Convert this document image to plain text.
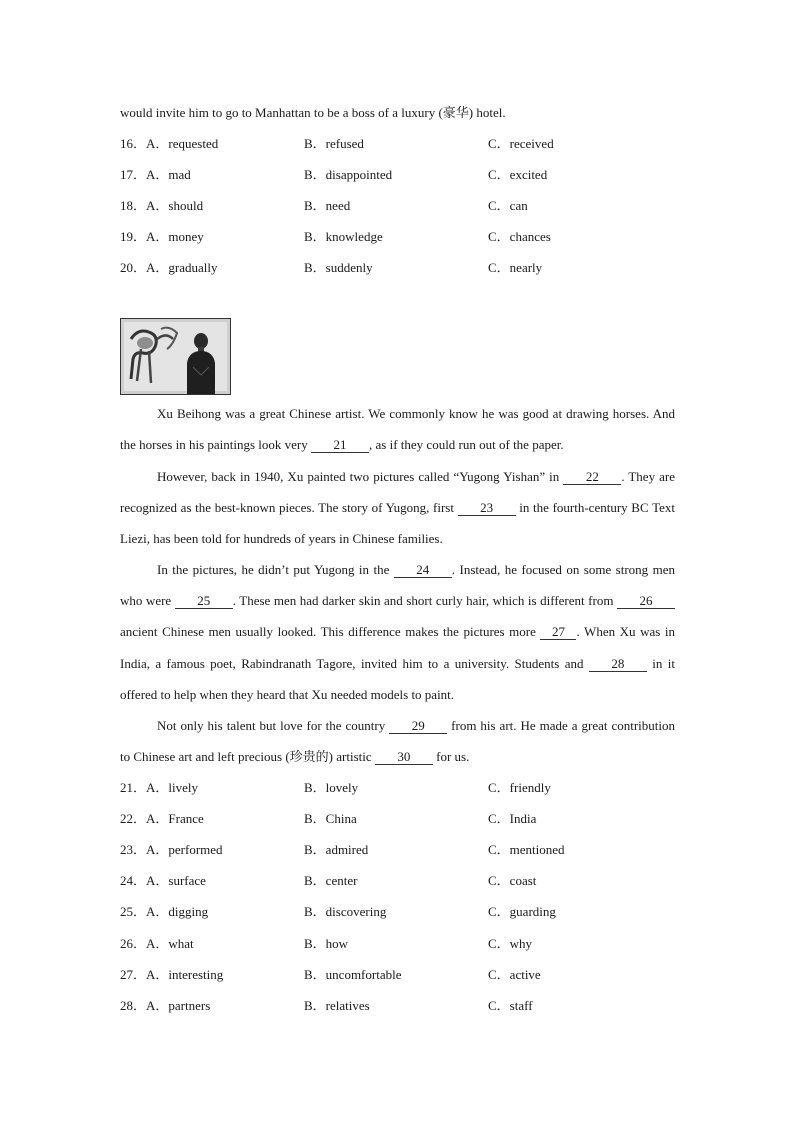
would invite him to go to Manhattan to be a boss of a luxury (豪华) hotel.
16．A．requested	B．refused	C．received
17．A．mad	B．disappointed	C．excited
18．A．should	B．need	C．can
19．A．money	B．knowledge	C．chances
20．A．gradually	B．suddenly	C．nearly
Xu Beihong was a great Chinese artist. We commonly know he was good at drawing horses. And the horses in his paintings look very 21 , as if they could run out of the paper.
However, back in 1940, Xu painted two pictures called “Yugong Yishan” in 22 . They are recognized as the best-known pieces. The story of Yugong, first 23 in the fourth-century BC Text Liezi, has been told for hundreds of years in Chinese families.
In the pictures, he didn’t put Yugong in the 24 . Instead, he focused on some strong men who were 25 . These men had darker skin and short curly hair, which is different from 26 ancient Chinese men usually looked. This difference makes the pictures more 27 . When Xu was in India, a famous poet, Rabindranath Tagore, invited him to a university. Students and 28 in it offered to help when they heard that Xu needed models to paint.
Not only his talent but love for the country 29 from his art. He made a great contribution to Chinese art and left precious (珍贵的) artistic 30 for us.
21．A．lively	B．lovely	C．friendly
22．A．France	B．China	C．India
23．A．performed	B．admired	C．mentioned
24．A．surface	B．center	C．coast
25．A．digging	B．discovering	C．guarding
26．A．what	B．how	C．why
27．A．interesting	B．uncomfortable	C．active
28．A．partners	B．relatives	C．staff
